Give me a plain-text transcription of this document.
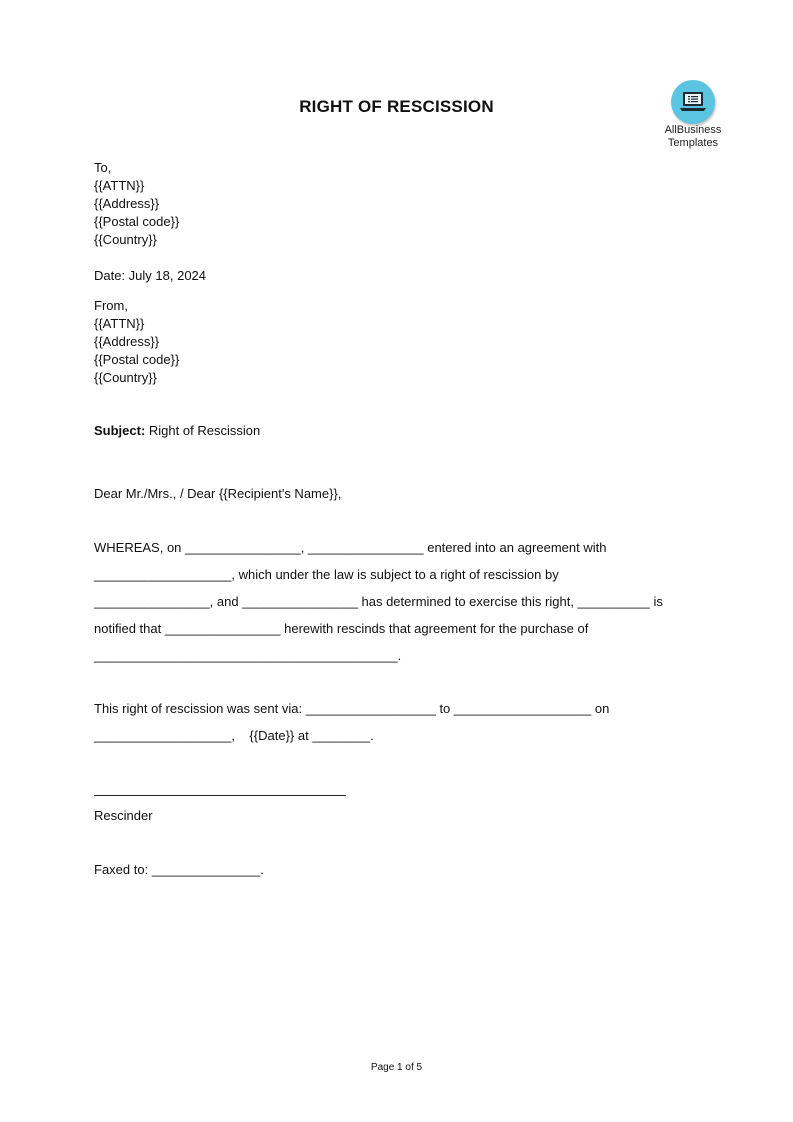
RIGHT OF RESCISSION
AllBusiness
Templates
To,
{{ATTN}}
{{Address}}
{{Postal code}}
{{Country}}
Date: July 18, 2024
From,
{{ATTN}}
{{Address}}
{{Postal code}}
{{Country}}
Subject: Right of Rescission
Dear Mr./Mrs., / Dear {{Recipient's Name}},
WHEREAS, on ________________, ________________ entered into an agreement with
___________________, which under the law is subject to a right of rescission by
________________, and ________________ has determined to exercise this right, __________ is
notified that ________________ herewith rescinds that agreement for the purchase of
__________________________________________.
This right of rescission was sent via: __________________ to ___________________ on
___________________,    {{Date}} at ________.
Rescinder
Faxed to: _______________.
Page 1 of 5
